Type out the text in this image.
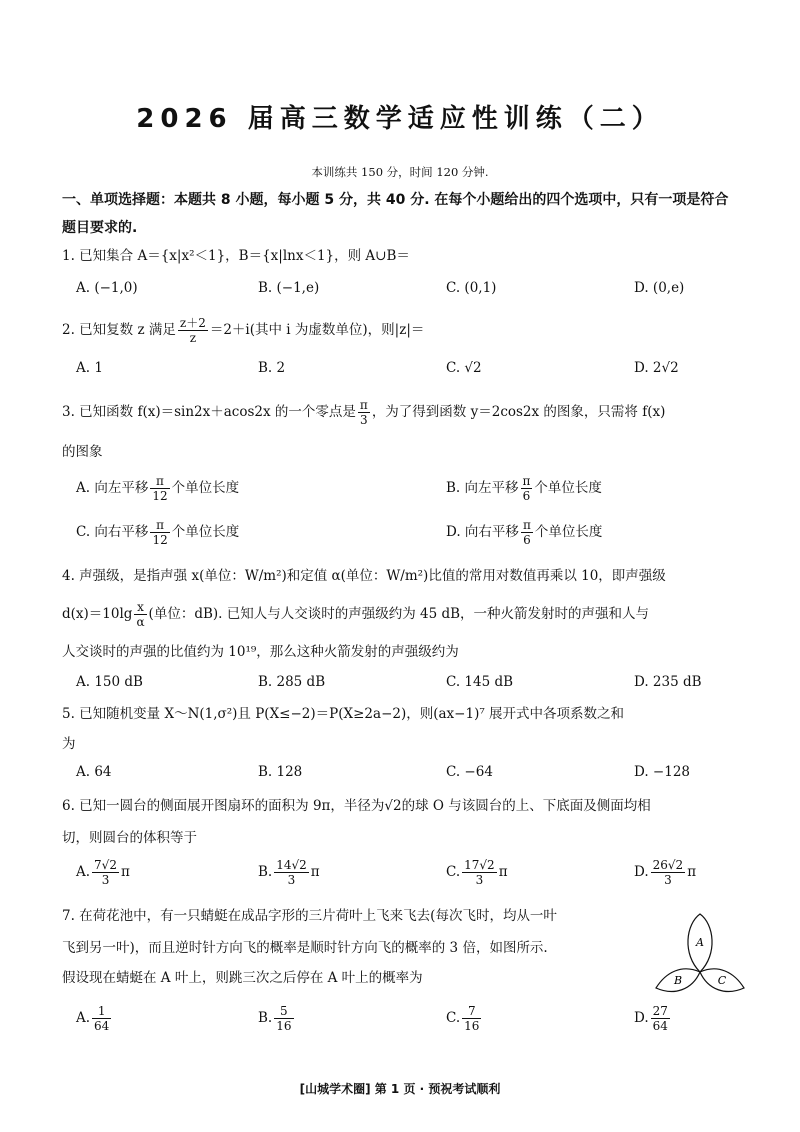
2026 届高三数学适应性训练（二）
本训练共 150 分，时间 120 分钟.
一、单项选择题：本题共 8 小题，每小题 5 分，共 40 分. 在每个小题给出的四个选项中，只有一项是符合题目要求的.
1. 已知集合 A＝{x|x²＜1}，B＝{x|lnx＜1}，则 A∪B＝
A. (−1,0)	B. (−1,e)	C. (0,1)	D. (0,e)
2. 已知复数 z 满足 $\frac{z+2}{z} =2+i$(其中 i 为虚数单位)，则|z|＝
A. 1	B. 2	C. √2	D. 2√2
3. 已知函数 f(x)＝sin2x＋acos2x 的一个零点是 $\frac{\pi}{3}$ ，为了得到函数 y＝2cos2x 的图象，只需将 f(x)
的图象
A. 向左平移 $\frac{\pi}{12}$ 个单位长度	B. 向左平移 $\frac{\pi}{6}$ 个单位长度
C. 向右平移 $\frac{\pi}{12}$ 个单位长度	D. 向右平移 $\frac{\pi}{6}$ 个单位长度
4. 声强级，是指声强 x(单位：W/m²)和定值 α(单位：W/m²)比值的常用对数值再乘以 10，即声强级
$d(x)=10\lg \frac{x}{\alpha}$ (单位：dB). 已知人与人交谈时的声强级约为 45 dB，一种火箭发射时的声强和人与
人交谈时的声强的比值约为 10¹⁹，那么这种火箭发射的声强级约为
A. 150 dB	B. 285 dB	C. 145 dB	D. 235 dB
5. 已知随机变量 X～N(1,σ²)且 P(X≤−2)＝P(X≥2a−2)，则(ax−1)⁷ 展开式中各项系数之和
为
A. 64	B. 128	C. −64	D. −128
6. 已知一圆台的侧面展开图扇环的面积为 9π，半径为√2的球 O 与该圆台的上、下底面及侧面均相
切，则圆台的体积等于
A. $\frac{7√2}{3}$ π	B. $\frac{14√2}{3}$ π	C. $\frac{17√2}{3}$ π	D. $\frac{26√2}{3}$ π
7. 在荷花池中，有一只蜻蜓在成品字形的三片荷叶上飞来飞去(每次飞时，均从一叶
飞到另一叶)，而且逆时针方向飞的概率是顺时针方向飞的概率的 3 倍，如图所示.
假设现在蜻蜓在 A 叶上，则跳三次之后停在 A 叶上的概率为
A. $\frac{1}{64}$	B. $\frac{5}{16}$	C. $\frac{7}{16}$	D. $\frac{27}{64}$
A
B	C
[山城学术圈] 第 1 页 · 预祝考试顺利
